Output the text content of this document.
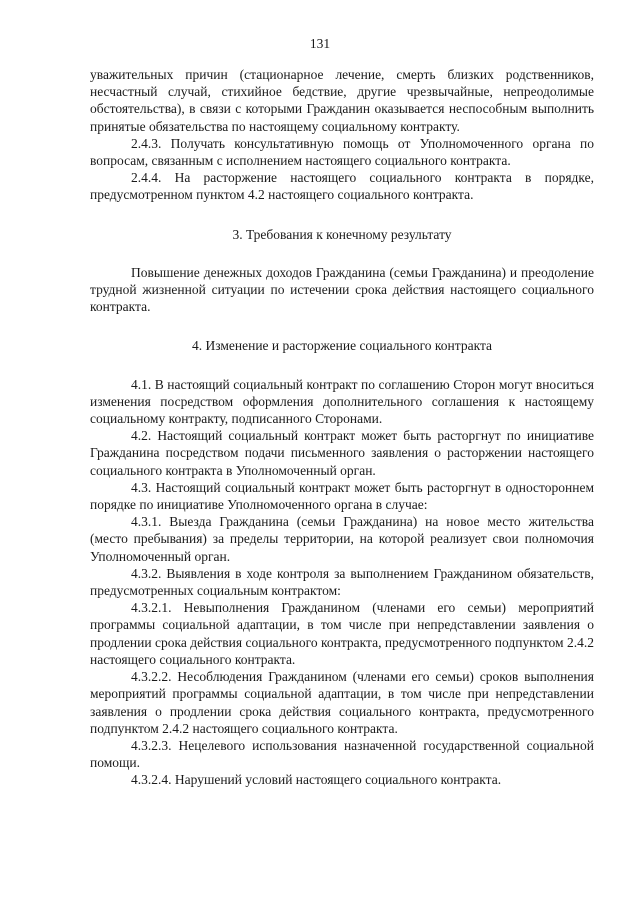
131

уважительных причин (стационарное лечение, смерть близких родственников, несчастный случай, стихийное бедствие, другие чрезвычайные, непреодолимые обстоятельства), в связи с которыми Гражданин оказывается неспособным выполнить принятые обязательства по настоящему социальному контракту.

2.4.3. Получать консультативную помощь от Уполномоченного органа по вопросам, связанным с исполнением настоящего социального контракта.

2.4.4. На расторжение настоящего социального контракта в порядке, предусмотренном пунктом 4.2 настоящего социального контракта.

3. Требования к конечному результату

Повышение денежных доходов Гражданина (семьи Гражданина) и преодоление трудной жизненной ситуации по истечении срока действия настоящего социального контракта.

4. Изменение и расторжение социального контракта

4.1. В настоящий социальный контракт по соглашению Сторон могут вноситься изменения посредством оформления дополнительного соглашения к настоящему социальному контракту, подписанного Сторонами.

4.2. Настоящий социальный контракт может быть расторгнут по инициативе Гражданина посредством подачи письменного заявления о расторжении настоящего социального контракта в Уполномоченный орган.

4.3. Настоящий социальный контракт может быть расторгнут в одностороннем порядке по инициативе Уполномоченного органа в случае:

4.3.1. Выезда Гражданина (семьи Гражданина) на новое место жительства (место пребывания) за пределы территории, на которой реализует свои полномочия Уполномоченный орган.

4.3.2. Выявления в ходе контроля за выполнением Гражданином обязательств, предусмотренных социальным контрактом:

4.3.2.1. Невыполнения Гражданином (членами его семьи) мероприятий программы социальной адаптации, в том числе при непредставлении заявления о продлении срока действия социального контракта, предусмотренного подпунктом 2.4.2 настоящего социального контракта.

4.3.2.2. Несоблюдения Гражданином (членами его семьи) сроков выполнения мероприятий программы социальной адаптации, в том числе при непредставлении заявления о продлении срока действия социального контракта, предусмотренного подпунктом 2.4.2 настоящего социального контракта.

4.3.2.3. Нецелевого использования назначенной государственной социальной помощи.

4.3.2.4. Нарушений условий настоящего социального контракта.
